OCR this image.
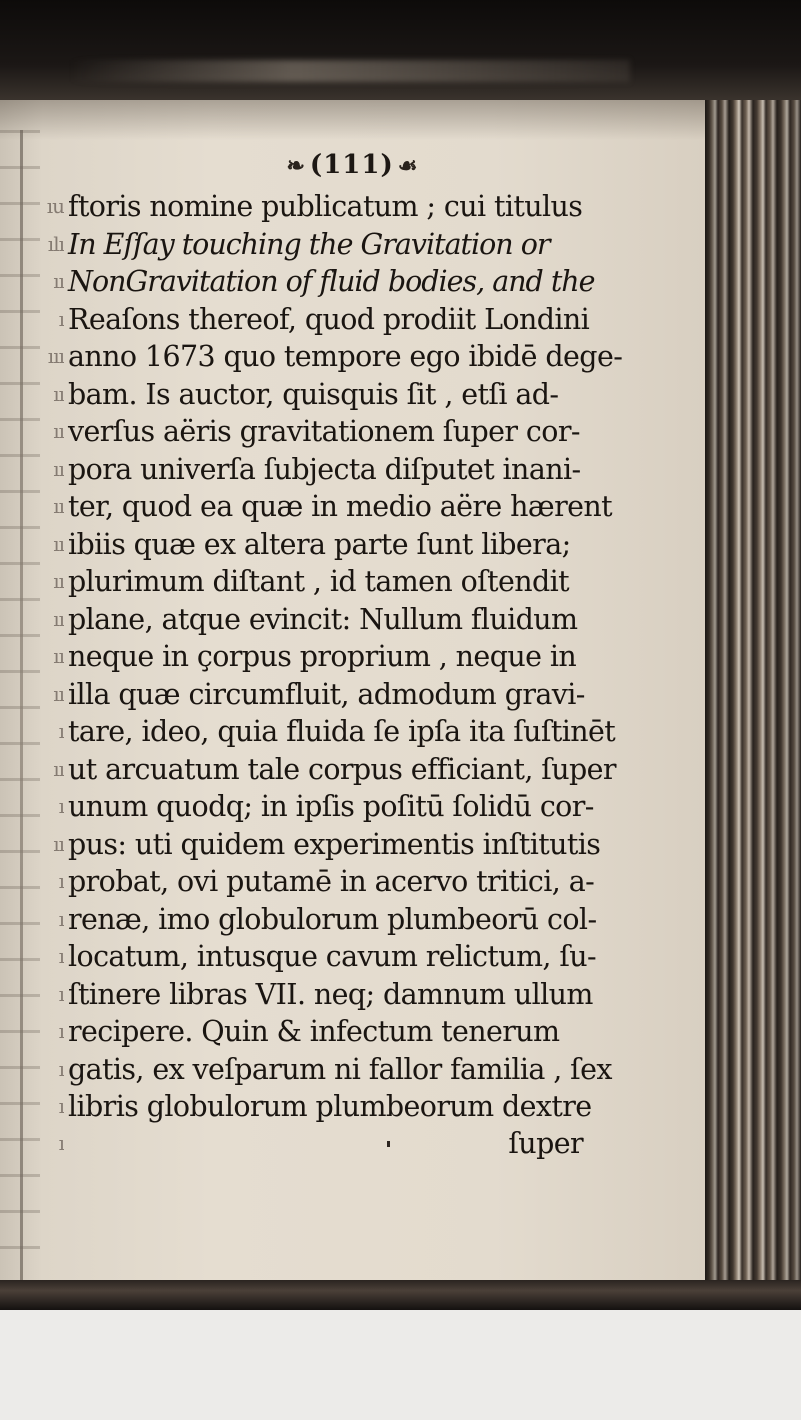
❧ (111) ☙
ıu ftoris nomine publicatum ; cui titulus
ılı In Eſſay touching the Gravitation or
ıı NonGravitation of fluid bodies, and the
ı Reaſons thereof, quod prodiit Londini
ııı anno 1673 quo tempore ego ibidē dege-
ıı bam. Is auctor, quisquis ſit , etſi ad-
ıı verſus aëris gravitationem ſuper cor-
ıı pora univerſa ſubjecta diſputet inani-
ıı ter, quod ea quæ in medio aëre hærent
ıı ibiis quæ ex altera parte ſunt libera;
ıı plurimum diſtant , id tamen oſtendit
ıı plane, atque evincit: Nullum fluidum
ıı neque in çorpus proprium , neque in
ıı illa quæ circumfluit, admodum gravi-
ı tare, ideo, quia fluida ſe ipſa ita ſuſtinēt
ıı ut arcuatum tale corpus efficiant, ſuper
ı unum quodq; in ipſis poſitū ſolidū cor-
ıı pus: uti quidem experimentis inſtitutis
ı probat, ovi putamē in acervo tritici, a-
ı renæ, imo globulorum plumbeorū col-
ı locatum, intusque cavum relictum, ſu-
ı ſtinere libras VII. neq; damnum ullum
ı recipere. Quin & infectum tenerum
ı gatis, ex veſparum ni fallor familia , ſex
ı libris globulorum plumbeorum dextre
ı	ſuper
